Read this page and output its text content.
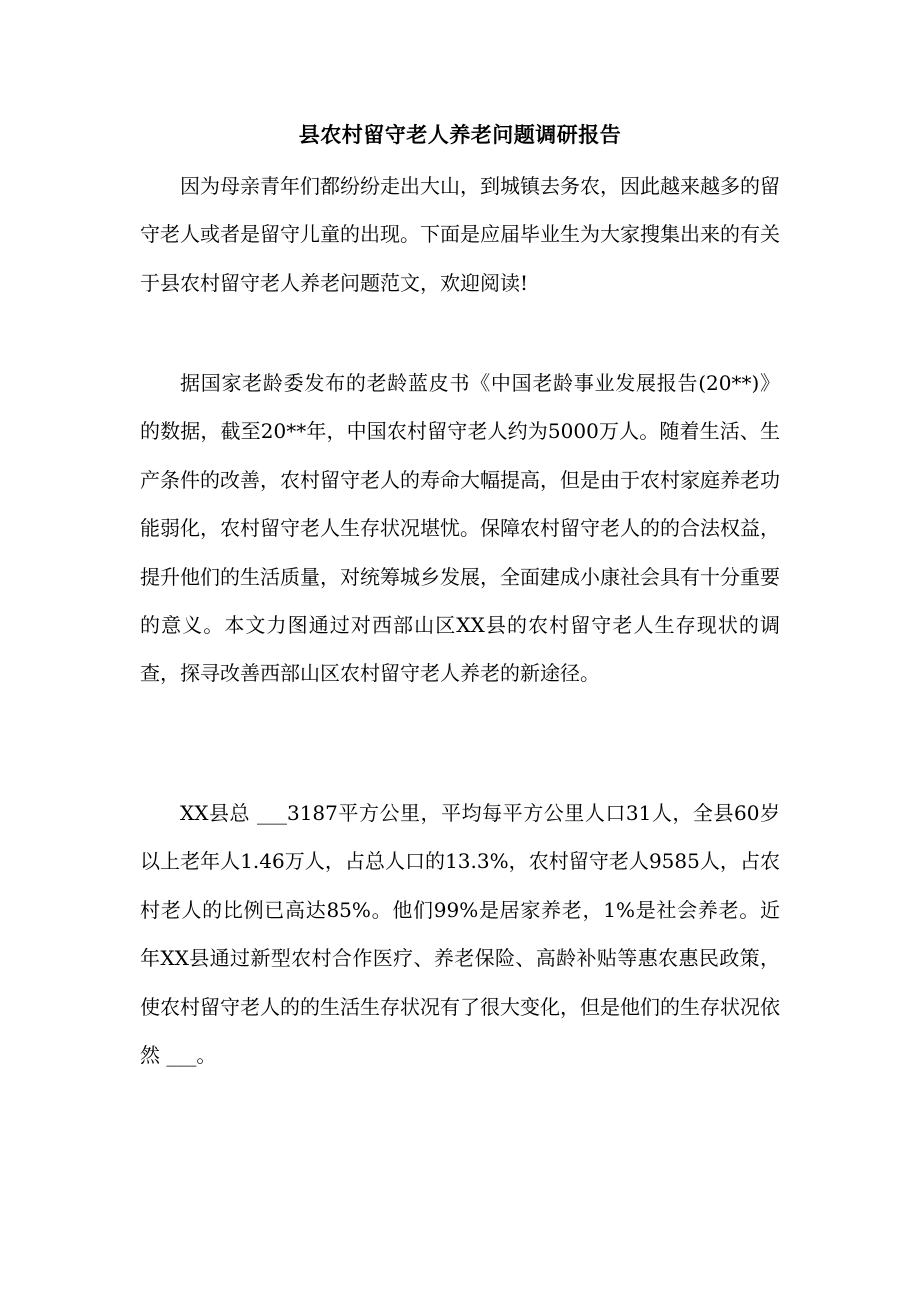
县农村留守老人养老问题调研报告

因为母亲青年们都纷纷走出大山，到城镇去务农，因此越来越多的留守老人或者是留守儿童的出现。下面是应届毕业生为大家搜集出来的有关于县农村留守老人养老问题范文，欢迎阅读!

据国家老龄委发布的老龄蓝皮书《中国老龄事业发展报告(20**)》的数据，截至20**年，中国农村留守老人约为5000万人。随着生活、生产条件的改善，农村留守老人的寿命大幅提高，但是由于农村家庭养老功能弱化，农村留守老人生存状况堪忧。保障农村留守老人的的合法权益，提升他们的生活质量，对统筹城乡发展，全面建成小康社会具有十分重要的意义。本文力图通过对西部山区XX县的农村留守老人生存现状的调查，探寻改善西部山区农村留守老人养老的新途径。

XX县总 ___3187平方公里，平均每平方公里人口31人，全县60岁以上老年人1.46万人，占总人口的13.3%，农村留守老人9585人，占农村老人的比例已高达85%。他们99%是居家养老，1%是社会养老。近年XX县通过新型农村合作医疗、养老保险、高龄补贴等惠农惠民政策，使农村留守老人的的生活生存状况有了很大变化，但是他们的生存状况依然 ___。
